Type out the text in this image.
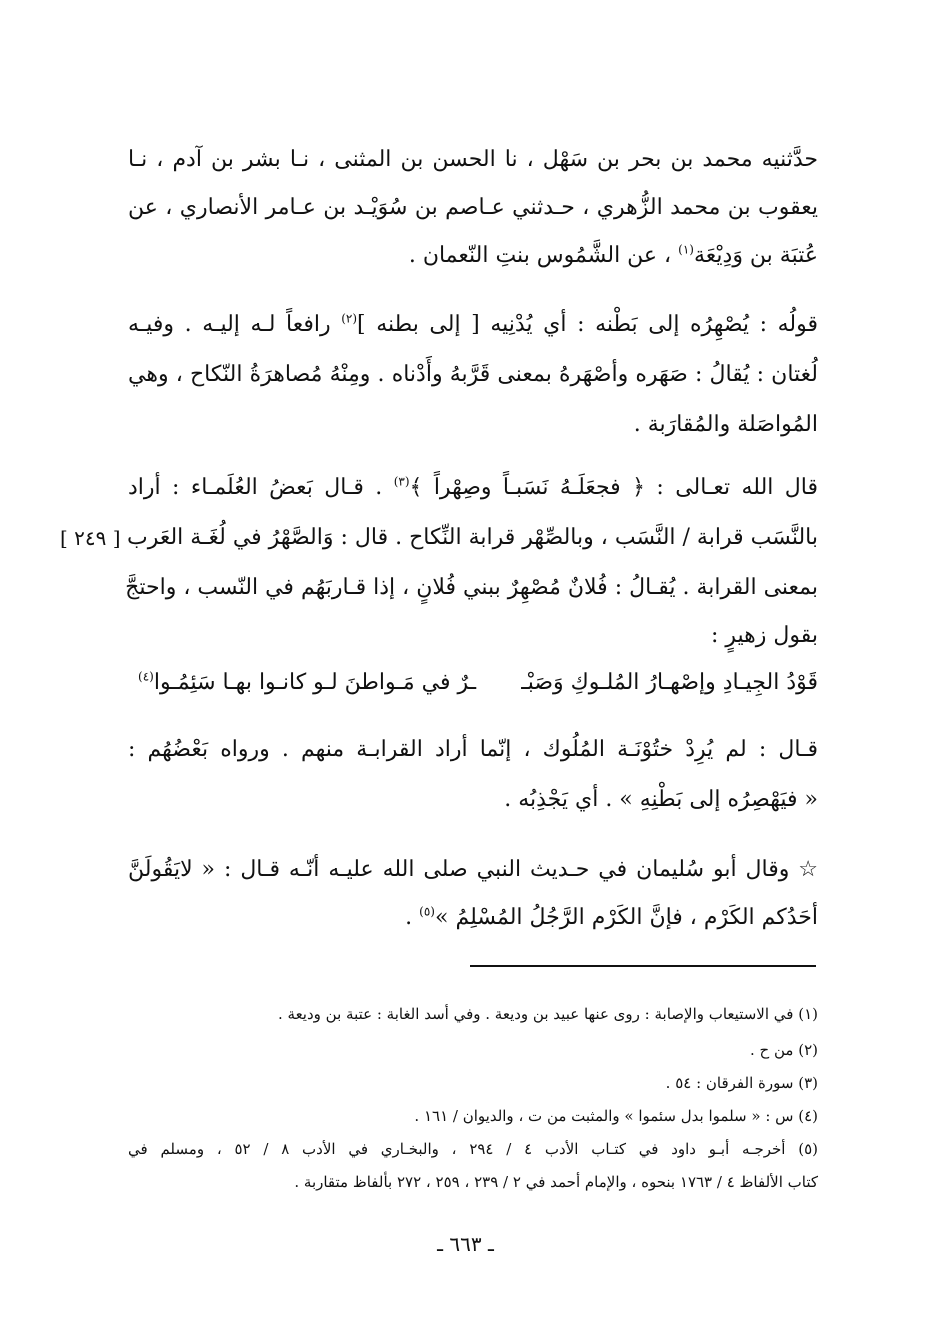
حدَّثنيه محمد بن بحر بن سَهْل ، نا الحسن بن المثنى ، نـا بشر بن آدم ، نـا
يعقوب بن محمد الزُّهري ، حـدثني عـاصم بن سُوَيْـد بن عـامر الأنصاري ، عن
عُتبَة بن وَدِيْعَة$^{(١)}$ ، عن الشَّمُوس بنتِ النّعمان .
قولُه : يُصْهِرُه إلى بَطْنه : أي يُدْنِيه [ إلى بطنه ]$^{(٢)}$ رافعاً لـه إليـه . وفيـه
لُغتان : يُقالُ : صَهَره وأصْهَرهُ بمعنى قَرَّبهُ وأَدْناه . ومِنْهُ مُصاهرَةُ النّكاح ، وهي
المُواصَلة والمُقارَبة .
قال الله تعـالى : ﴿ فجعَلَـهُ نَسَبـاً وصِهْراً ﴾$^{(٣)}$ . قـال بَعضُ العُلَمـاء : أراد
بالنَّسَب قرابة / النَّسَب ، وبالصِّهْر قرابة النِّكاح . قال : وَالصَّهْرُ في لُغَـة العَرب
بمعنى القرابة . يُقـالُ : فُلانٌ مُصْهِرٌ ببني فُلانٍ ، إذا قـاربَهُم في النّسب ، واحتجَّ
بقول زهيرٍ :
[ ٢٤٩ ]
قَوْدُ الجِيـادِ وإصْهـارُ المُلـوكِ وَصَبْـ
ـرٌ في مَـواطنَ لـو كانـوا بهـا سَئِمُـوا$^{(٤)}$
قـال : لم يُرِدْ ختُوْنَـة المُلُوك ، إنّما أراد القرابـة منهم . ورواه بَعْضُهُم :
« فيَهْصِرُه إلى بَطْنِهِ » . أي يَجْذِبُه .
☆ وقال أبو سُليمان في حـديث النبي صلى الله عليـه أنّـه قـال : « لايَقُولَنَّ
أحَدُكم الكَرْم ، فإنَّ الكَرْم الرَّجُلُ المُسْلِمُ »$^{(٥)}$ .
(١) في الاستيعاب والإصابة : روى عنها عبيد بن وديعة . وفي أسد الغابة : عتبة بن وديعة .
(٢) من ح .
(٣) سورة الفرقان : ٥٤ .
(٤) س : « سلموا بدل سئموا » والمثبت من ت ، والديوان / ١٦١ .
(٥) أخرجـه أبـو داود في كتـاب الأدب ٤ / ٢٩٤ ، والبخـاري في الأدب ٨ / ٥٢ ، ومسلم في
كتاب الألفاظ ٤ / ١٧٦٣ بنحوه ، والإمام أحمد في ٢ / ٢٣٩ ، ٢٥٩ ، ٢٧٢ بألفاظ متقاربة .
ـ ٦٦٣ ـ
